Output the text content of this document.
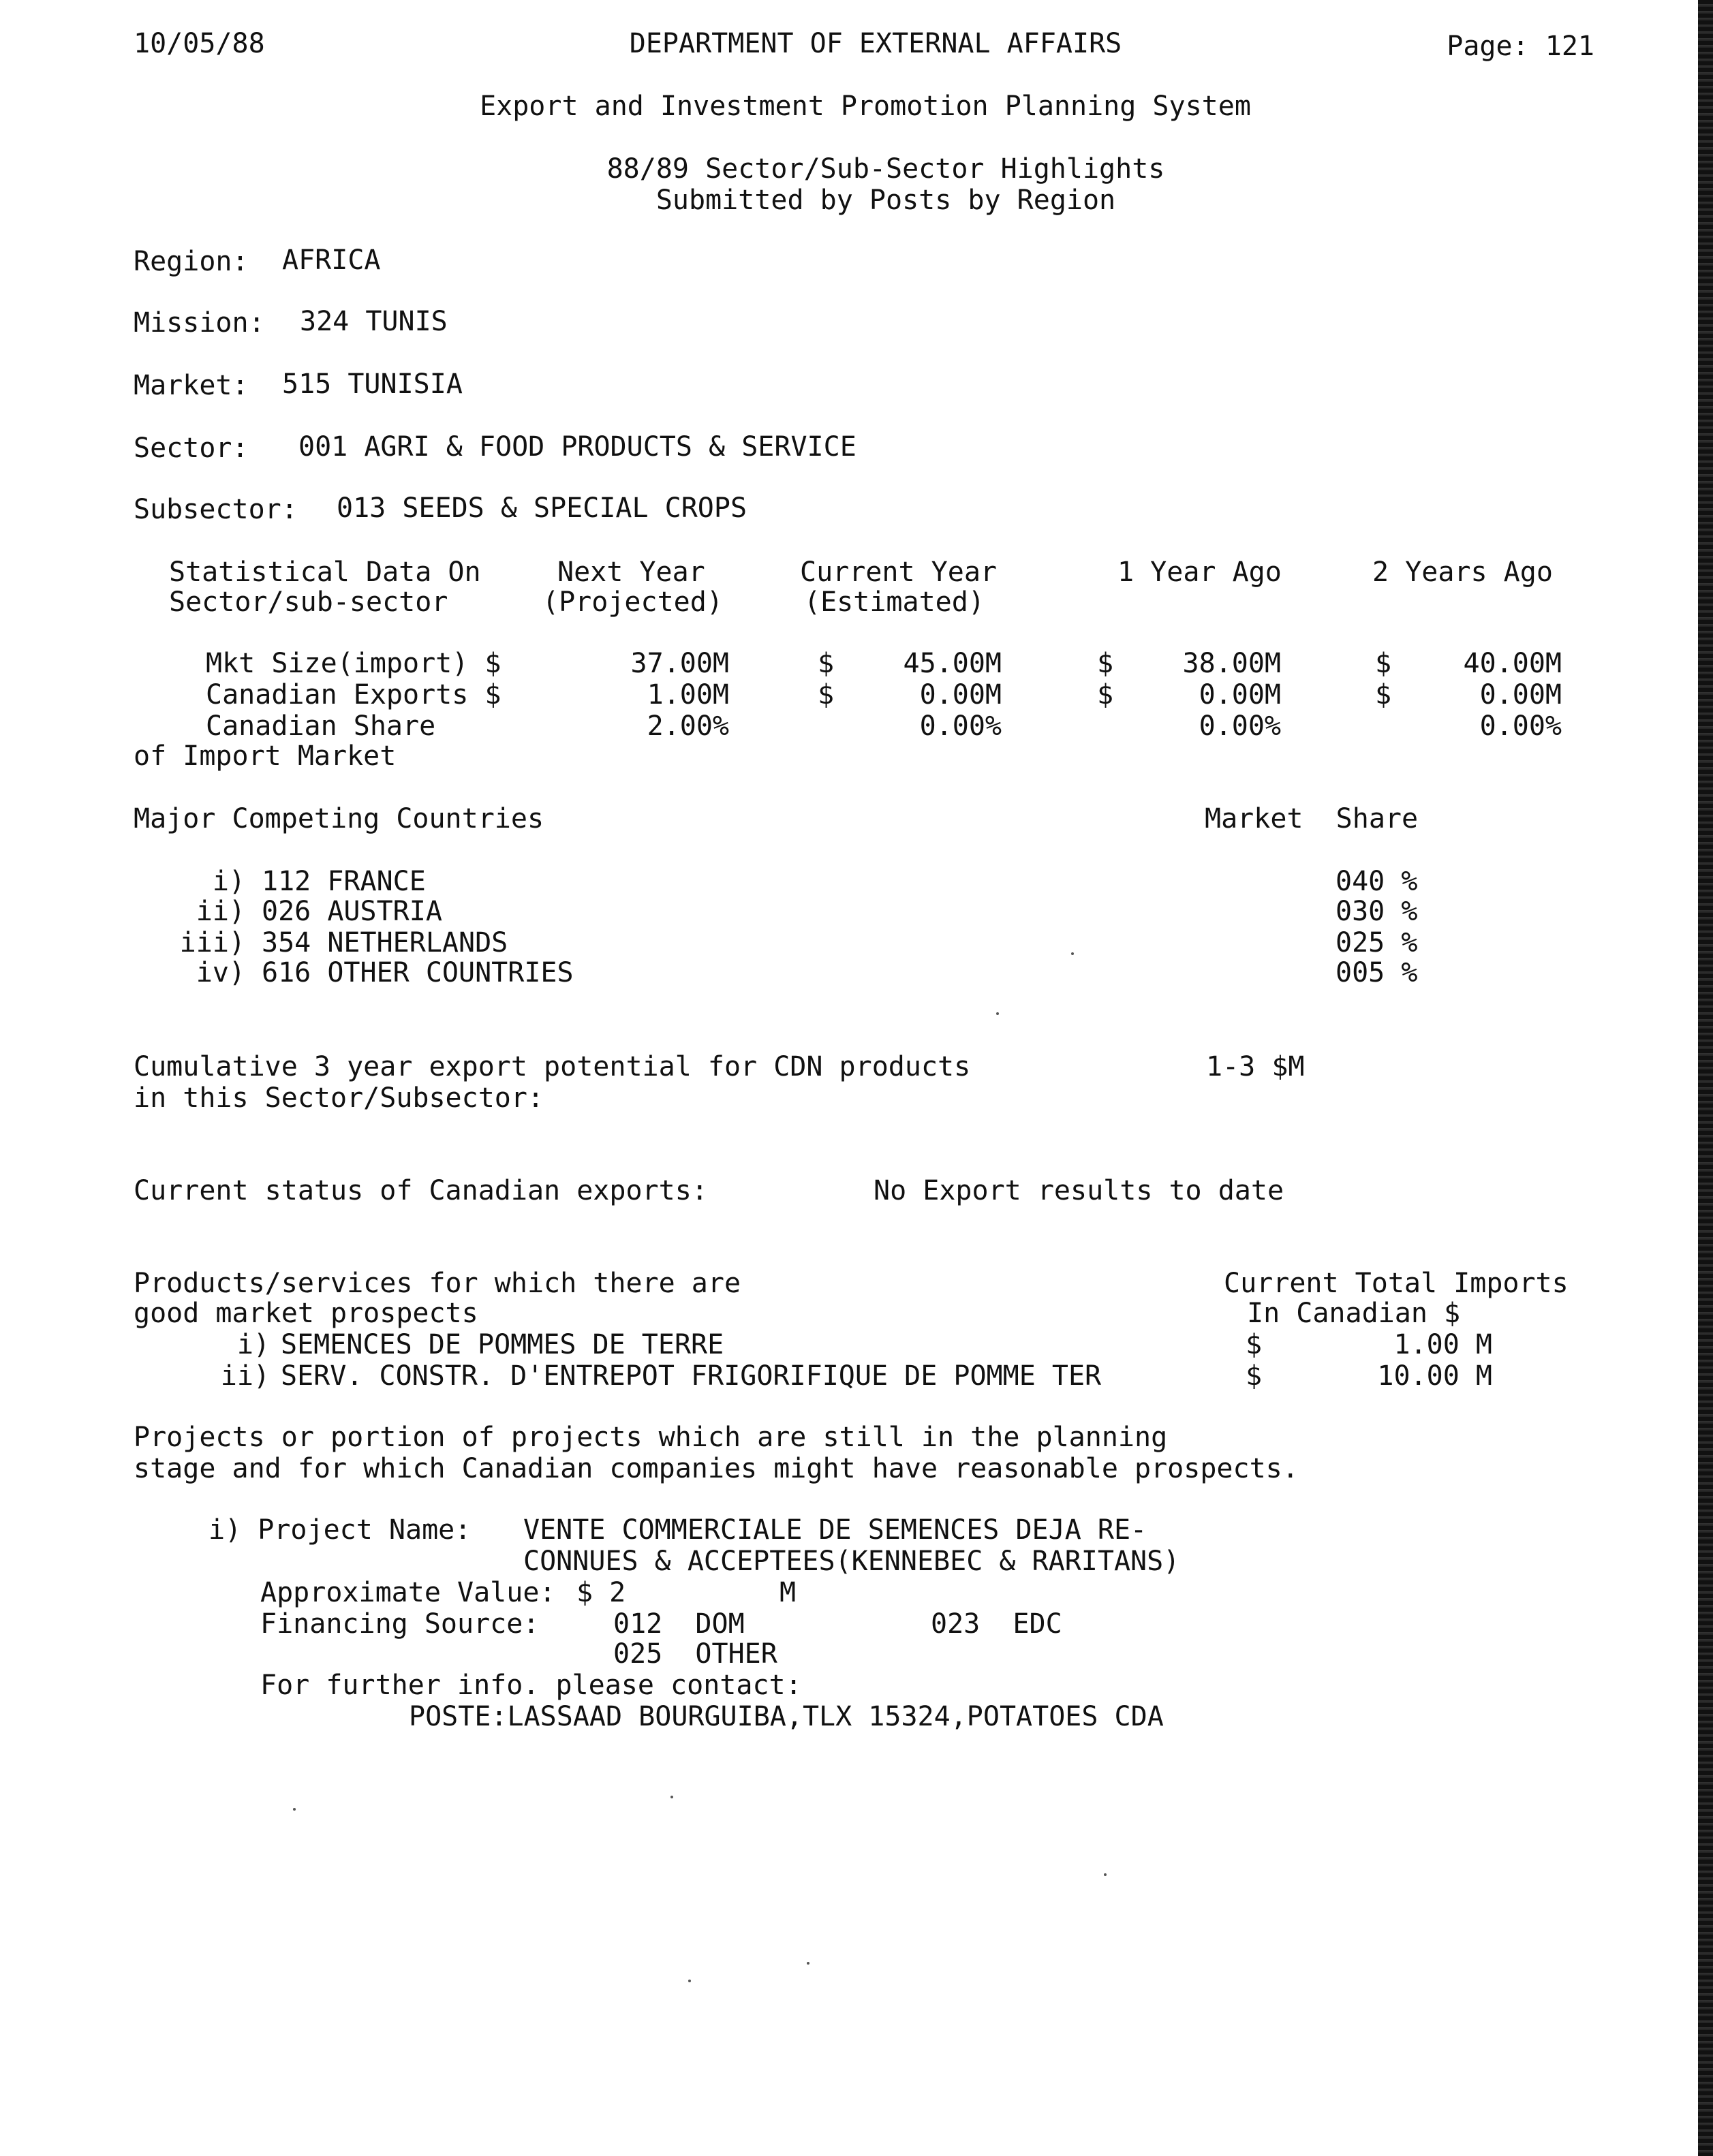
10/05/88	DEPARTMENT OF EXTERNAL AFFAIRS	Page: 121
Export and Investment Promotion Planning System
88/89 Sector/Sub-Sector Highlights
Submitted by Posts by Region
Region: AFRICA
Mission: 324 TUNIS
Market: 515 TUNISIA
Sector: 001 AGRI & FOOD PRODUCTS & SERVICE
Subsector: 013 SEEDS & SPECIAL CROPS
Statistical Data On	Next Year	Current Year	1 Year Ago	2 Years Ago
Sector/sub-sector	(Projected)	(Estimated)
Mkt Size(import) $	37.00M	$	45.00M	$	38.00M	$	40.00M
Canadian Exports $	1.00M	$	0.00M	$	0.00M	$	0.00M
Canadian Share	2.00%	0.00%	0.00%	0.00%
of Import Market
Major Competing Countries	Market  Share
i) 112 FRANCE	040 %
ii) 026 AUSTRIA	030 %
iii) 354 NETHERLANDS	025 %
iv) 616 OTHER COUNTRIES	005 %
Cumulative 3 year export potential for CDN products
in this Sector/Subsector:
1-3 $M
Current status of Canadian exports:	No Export results to date
Products/services for which there are
good market prospects
Current Total Imports
In Canadian $
i) SEMENCES DE POMMES DE TERRE	$	1.00 M
ii) SERV. CONSTR. D'ENTREPOT FRIGORIFIQUE DE POMME TER	$	10.00 M
Projects or portion of projects which are still in the planning
stage and for which Canadian companies might have reasonable prospects.
i) Project Name: VENTE COMMERCIALE DE SEMENCES DEJA RE-
CONNUES & ACCEPTEES(KENNEBEC & RARITANS)
Approximate Value: $ 2	M
Financing Source:	012  DOM	023  EDC
025  OTHER
For further info. please contact:
POSTE:LASSAAD BOURGUIBA,TLX 15324,POTATOES CDA
